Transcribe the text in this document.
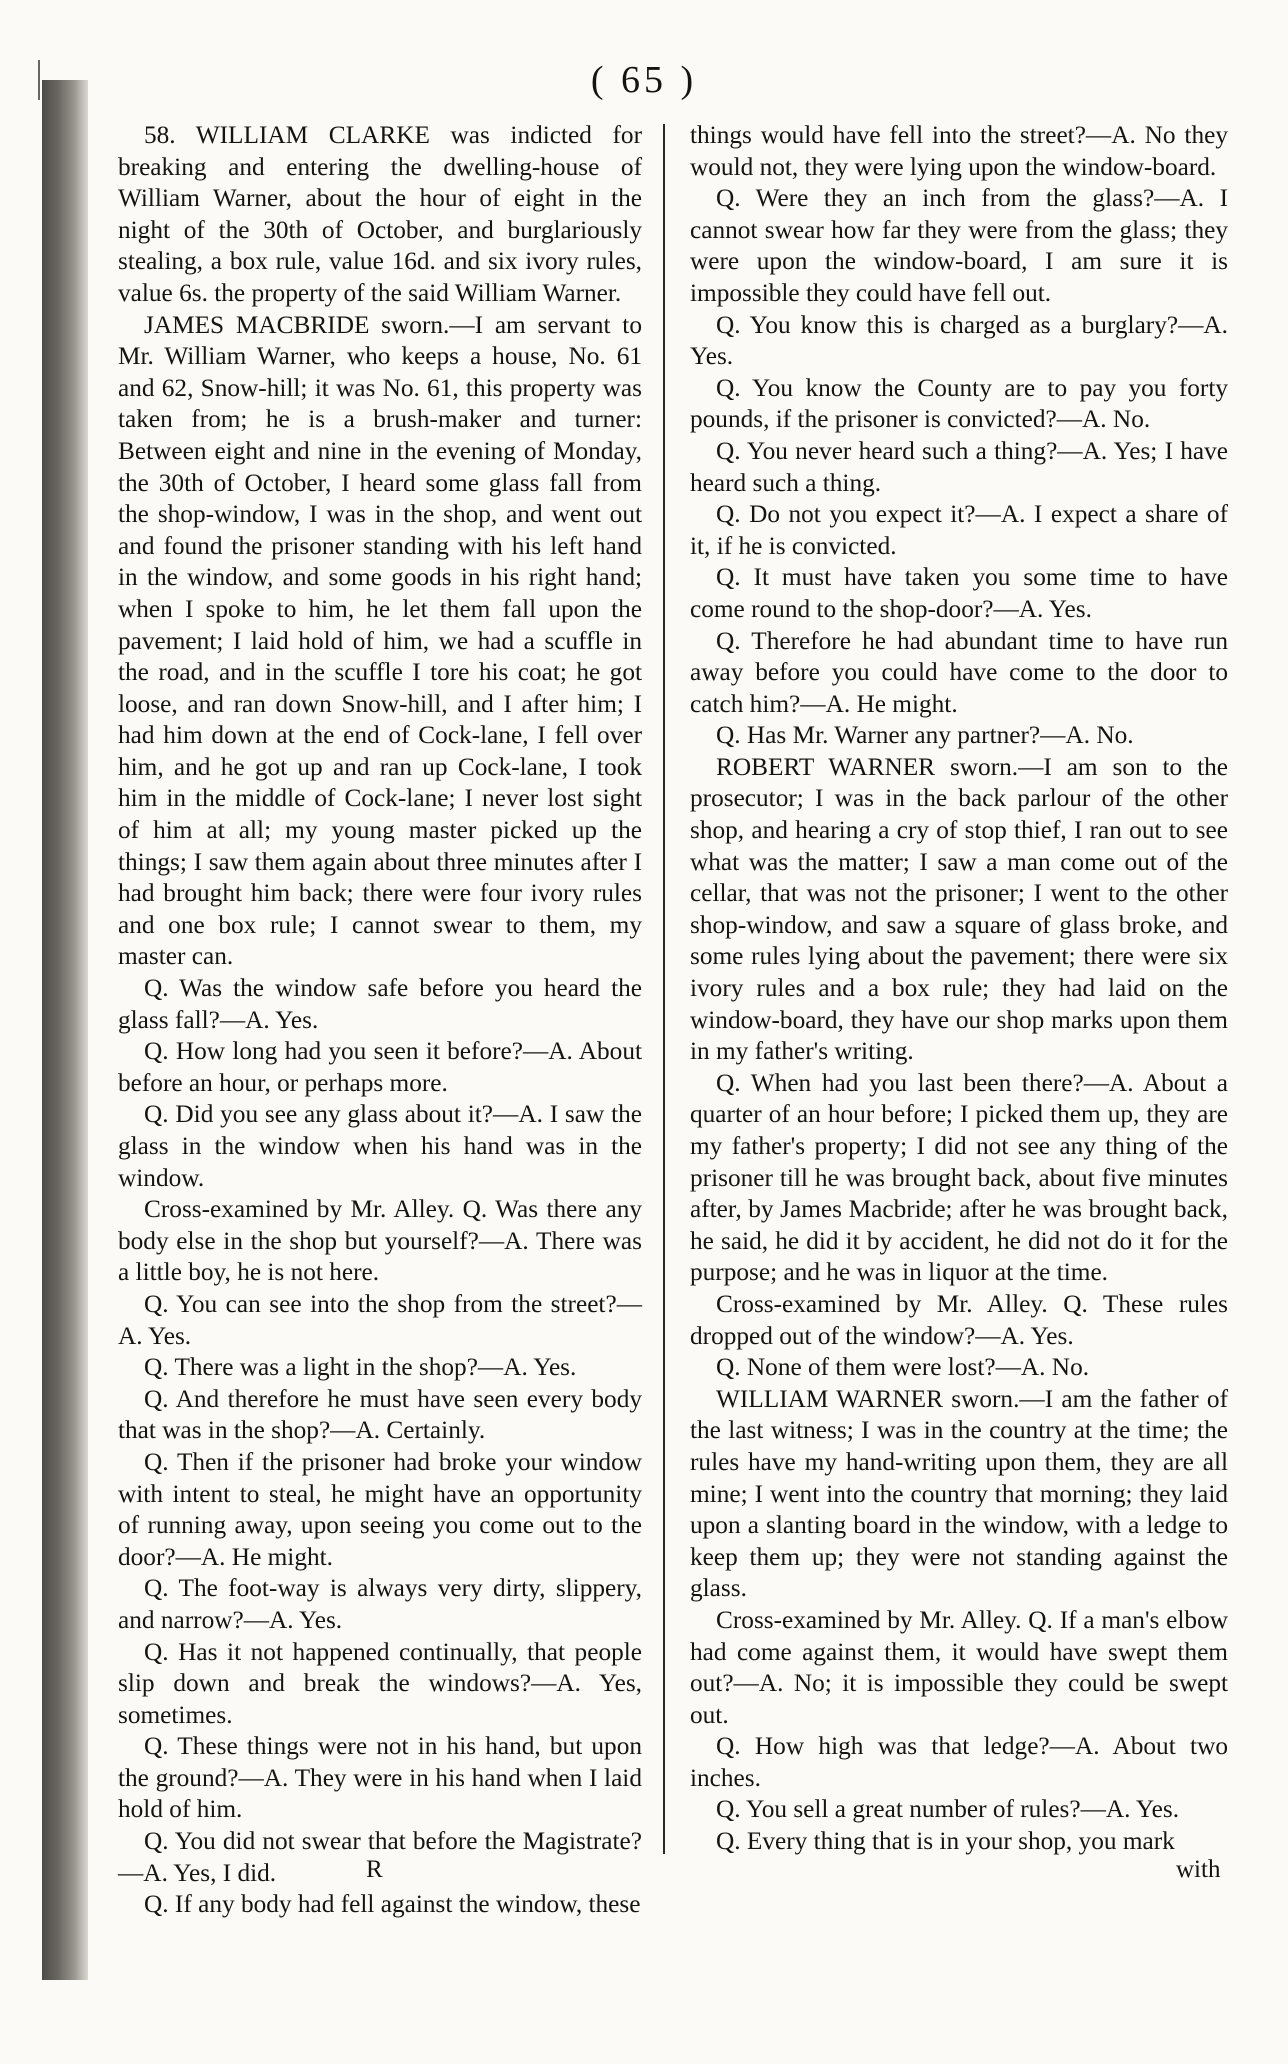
( 65 )

58. WILLIAM CLARKE was indicted for breaking and entering the dwelling-house of William Warner, about the hour of eight in the night of the 30th of October, and burglariously stealing, a box rule, value 16d. and six ivory rules, value 6s. the property of the said William Warner.

JAMES MACBRIDE sworn.—I am servant to Mr. William Warner, who keeps a house, No. 61 and 62, Snow-hill; it was No. 61, this property was taken from; he is a brush-maker and turner: Between eight and nine in the evening of Monday, the 30th of October, I heard some glass fall from the shop-window, I was in the shop, and went out and found the prisoner standing with his left hand in the window, and some goods in his right hand; when I spoke to him, he let them fall upon the pavement; I laid hold of him, we had a scuffle in the road, and in the scuffle I tore his coat; he got loose, and ran down Snow-hill, and I after him; I had him down at the end of Cock-lane, I fell over him, and he got up and ran up Cock-lane, I took him in the middle of Cock-lane; I never lost sight of him at all; my young master picked up the things; I saw them again about three minutes after I had brought him back; there were four ivory rules and one box rule; I cannot swear to them, my master can.

Q. Was the window safe before you heard the glass fall?—A. Yes.

Q. How long had you seen it before?—A. About before an hour, or perhaps more.

Q. Did you see any glass about it?—A. I saw the glass in the window when his hand was in the window.

Cross-examined by Mr. Alley. Q. Was there any body else in the shop but yourself?—A. There was a little boy, he is not here.

Q. You can see into the shop from the street?—A. Yes.

Q. There was a light in the shop?—A. Yes.

Q. And therefore he must have seen every body that was in the shop?—A. Certainly.

Q. Then if the prisoner had broke your window with intent to steal, he might have an opportunity of running away, upon seeing you come out to the door?—A. He might.

Q. The foot-way is always very dirty, slippery, and narrow?—A. Yes.

Q. Has it not happened continually, that people slip down and break the windows?—A. Yes, sometimes.

Q. These things were not in his hand, but upon the ground?—A. They were in his hand when I laid hold of him.

Q. You did not swear that before the Magistrate?—A. Yes, I did.

Q. If any body had fell against the window, these

things would have fell into the street?—A. No they would not, they were lying upon the window-board.

Q. Were they an inch from the glass?—A. I cannot swear how far they were from the glass; they were upon the window-board, I am sure it is impossible they could have fell out.

Q. You know this is charged as a burglary?—A. Yes.

Q. You know the County are to pay you forty pounds, if the prisoner is convicted?—A. No.

Q. You never heard such a thing?—A. Yes; I have heard such a thing.

Q. Do not you expect it?—A. I expect a share of it, if he is convicted.

Q. It must have taken you some time to have come round to the shop-door?—A. Yes.

Q. Therefore he had abundant time to have run away before you could have come to the door to catch him?—A. He might.

Q. Has Mr. Warner any partner?—A. No.

ROBERT WARNER sworn.—I am son to the prosecutor; I was in the back parlour of the other shop, and hearing a cry of stop thief, I ran out to see what was the matter; I saw a man come out of the cellar, that was not the prisoner; I went to the other shop-window, and saw a square of glass broke, and some rules lying about the pavement; there were six ivory rules and a box rule; they had laid on the window-board, they have our shop marks upon them in my father's writing.

Q. When had you last been there?—A. About a quarter of an hour before; I picked them up, they are my father's property; I did not see any thing of the prisoner till he was brought back, about five minutes after, by James Macbride; after he was brought back, he said, he did it by accident, he did not do it for the purpose; and he was in liquor at the time.

Cross-examined by Mr. Alley. Q. These rules dropped out of the window?—A. Yes.

Q. None of them were lost?—A. No.

WILLIAM WARNER sworn.—I am the father of the last witness; I was in the country at the time; the rules have my hand-writing upon them, they are all mine; I went into the country that morning; they laid upon a slanting board in the window, with a ledge to keep them up; they were not standing against the glass.

Cross-examined by Mr. Alley. Q. If a man's elbow had come against them, it would have swept them out?—A. No; it is impossible they could be swept out.

Q. How high was that ledge?—A. About two inches.

Q. You sell a great number of rules?—A. Yes.

Q. Every thing that is in your shop, you mark

R	with
